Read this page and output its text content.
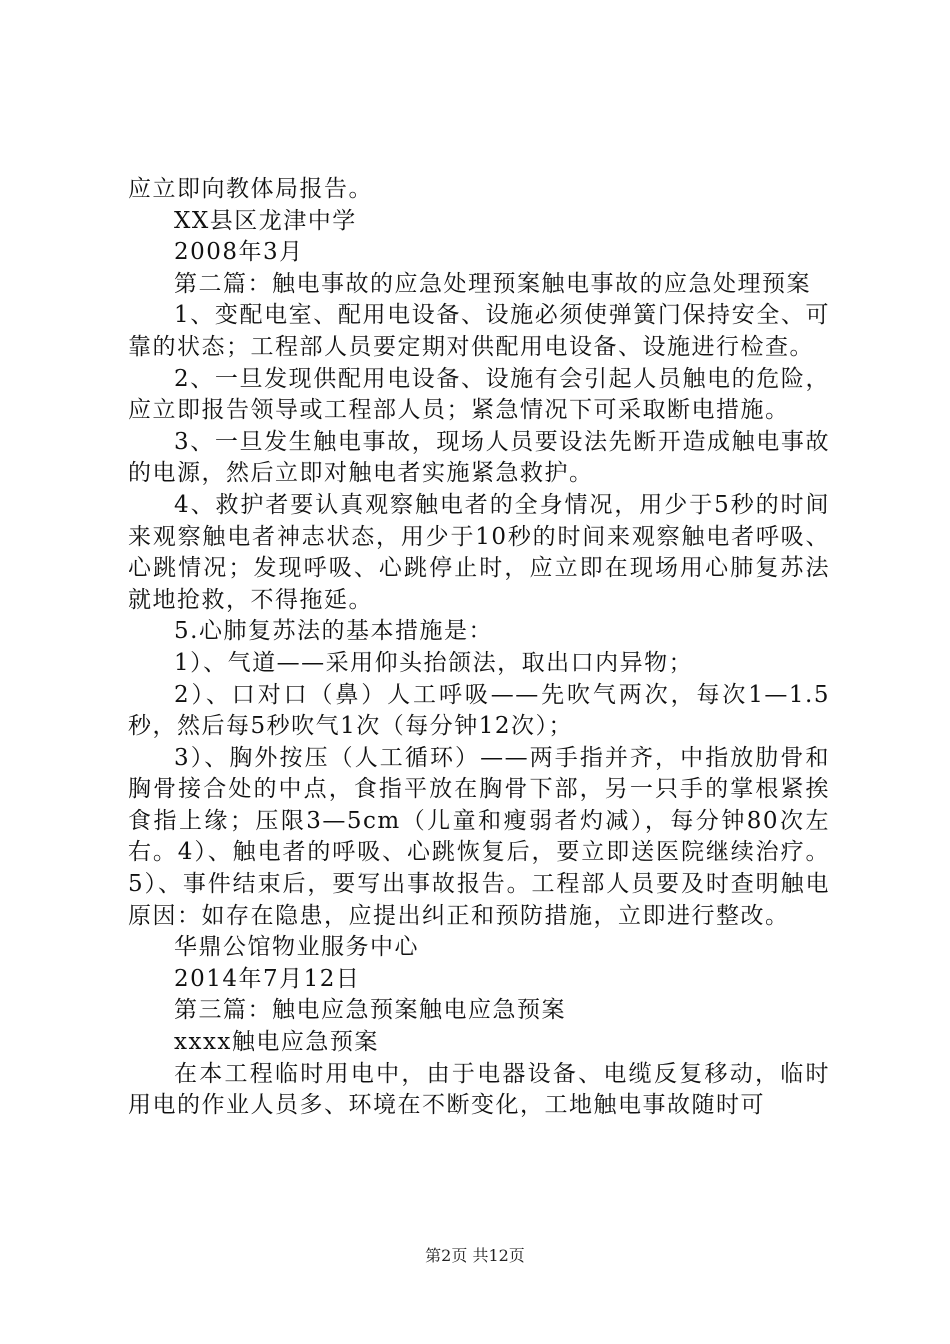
应立即向教体局报告。

XX县区龙津中学

2008年3月

第二篇：触电事故的应急处理预案触电事故的应急处理预案

1、变配电室、配用电设备、设施必须使弹簧门保持安全、可靠的状态；工程部人员要定期对供配用电设备、设施进行检查。

2、一旦发现供配用电设备、设施有会引起人员触电的危险，应立即报告领导或工程部人员；紧急情况下可采取断电措施。

3、一旦发生触电事故，现场人员要设法先断开造成触电事故的电源，然后立即对触电者实施紧急救护。

4、救护者要认真观察触电者的全身情况，用少于5秒的时间来观察触电者神志状态，用少于10秒的时间来观察触电者呼吸、心跳情况；发现呼吸、心跳停止时，应立即在现场用心肺复苏法就地抢救，不得拖延。

5.心肺复苏法的基本措施是：

1）、气道——采用仰头抬颌法，取出口内异物；

2）、口对口（鼻）人工呼吸——先吹气两次，每次1—1.5秒，然后每5秒吹气1次（每分钟12次）；

3）、胸外按压（人工循环）——两手指并齐，中指放肋骨和胸骨接合处的中点，食指平放在胸骨下部，另一只手的掌根紧挨食指上缘；压限3—5cm（儿童和瘦弱者灼减），每分钟80次左右。4）、触电者的呼吸、心跳恢复后，要立即送医院继续治疗。5）、事件结束后，要写出事故报告。工程部人员要及时查明触电原因：如存在隐患，应提出纠正和预防措施，立即进行整改。

华鼎公馆物业服务中心

2014年7月12日

第三篇：触电应急预案触电应急预案

xxxx触电应急预案

在本工程临时用电中，由于电器设备、电缆反复移动，临时用电的作业人员多、环境在不断变化，工地触电事故随时可

第2页 共12页
